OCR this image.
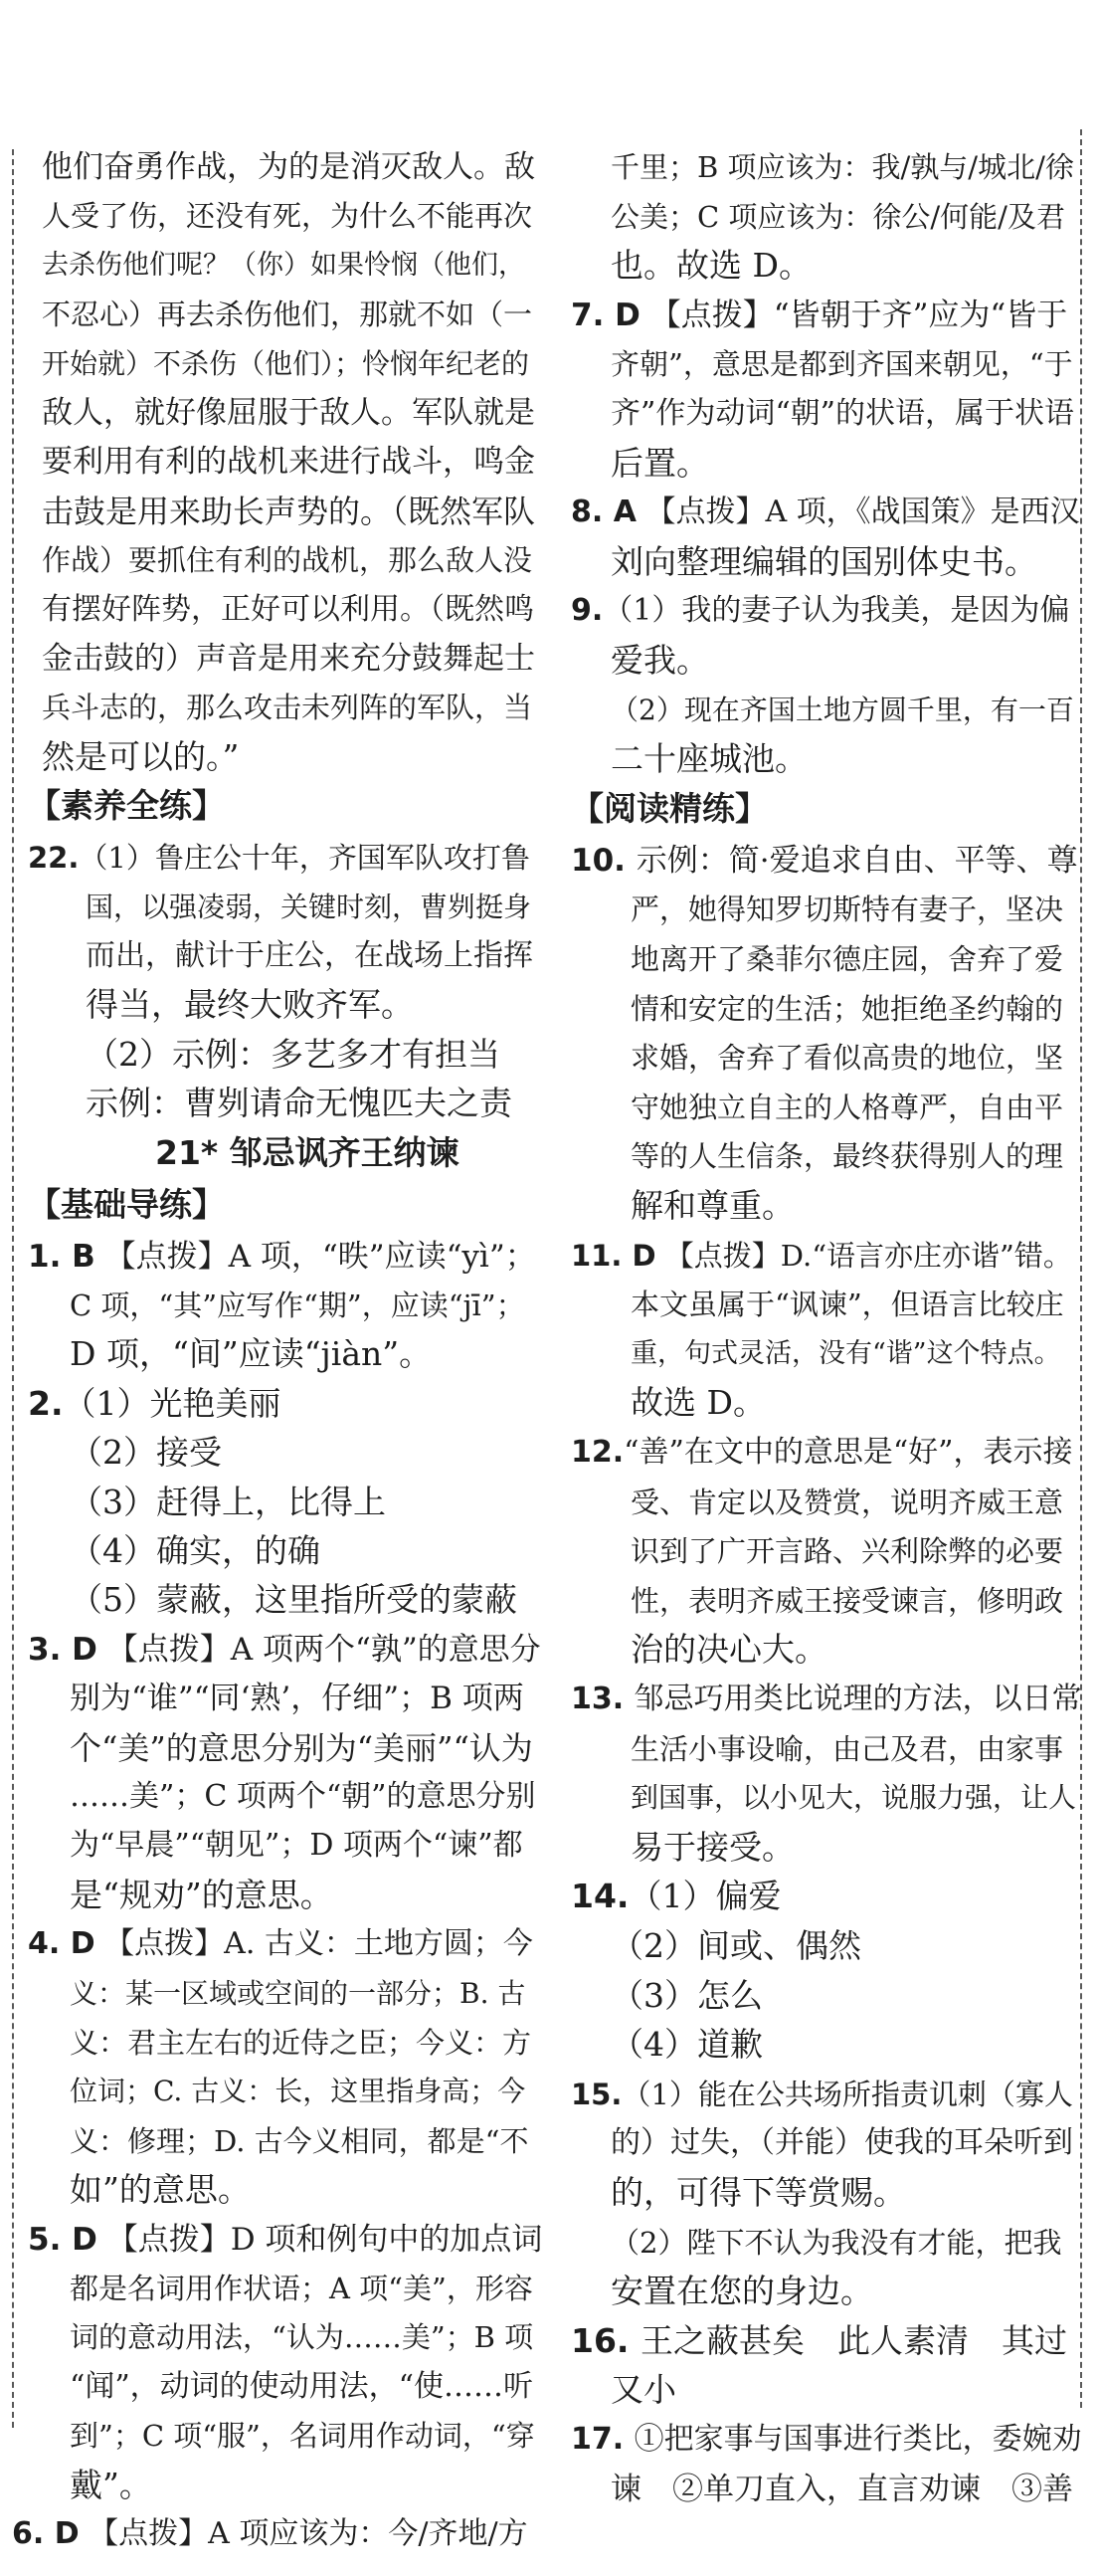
他们奋勇作战，为的是消灭敌人。敌
人受了伤，还没有死，为什么不能再次
去杀伤他们呢？（你）如果怜悯（他们，
不忍心）再去杀伤他们，那就不如（一
开始就）不杀伤（他们）；怜悯年纪老的
敌人，就好像屈服于敌人。军队就是
要利用有利的战机来进行战斗，鸣金
击鼓是用来助长声势的。（既然军队
作战）要抓住有利的战机，那么敌人没
有摆好阵势，正好可以利用。（既然鸣
金击鼓的）声音是用来充分鼓舞起士
兵斗志的，那么攻击未列阵的军队，当
然是可以的。”
【素养全练】
22.（1）鲁庄公十年，齐国军队攻打鲁
国，以强凌弱，关键时刻，曹刿挺身
而出，献计于庄公，在战场上指挥
得当，最终大败齐军。
（2）示例：多艺多才有担当
示例：曹刿请命无愧匹夫之责
21* 邹忌讽齐王纳谏
【基础导练】
1. B 【点拨】A 项，“昳”应读“yì”；
C 项，“其”应写作“期”，应读“jī”；
D 项，“间”应读“jiàn”。
2.（1）光艳美丽
（2）接受
（3）赶得上，比得上
（4）确实，的确
（5）蒙蔽，这里指所受的蒙蔽
3. D 【点拨】A 项两个“孰”的意思分
别为“谁”“同‘熟’，仔细”；B 项两
个“美”的意思分别为“美丽”“认为
……美”；C 项两个“朝”的意思分别
为“早晨”“朝见”；D 项两个“谏”都
是“规劝”的意思。
4. D 【点拨】A. 古义：土地方圆；今
义：某一区域或空间的一部分；B. 古
义：君主左右的近侍之臣；今义：方
位词；C. 古义：长，这里指身高；今
义：修理；D. 古今义相同，都是“不
如”的意思。
5. D 【点拨】D 项和例句中的加点词
都是名词用作状语；A 项“美”，形容
词的意动用法，“认为……美”；B 项
“闻”，动词的使动用法，“使……听
到”；C 项“服”，名词用作动词，“穿
戴”。
6. D 【点拨】A 项应该为：今/齐地/方
千里；B 项应该为：我/孰与/城北/徐
公美；C 项应该为：徐公/何能/及君
也。故选 D。
7. D 【点拨】“皆朝于齐”应为“皆于
齐朝”，意思是都到齐国来朝见，“于
齐”作为动词“朝”的状语，属于状语
后置。
8. A 【点拨】A 项，《战国策》是西汉
刘向整理编辑的国别体史书。
9.（1）我的妻子认为我美，是因为偏
爱我。
（2）现在齐国土地方圆千里，有一百
二十座城池。
【阅读精练】
10. 示例：简·爱追求自由、平等、尊
严，她得知罗切斯特有妻子，坚决
地离开了桑菲尔德庄园，舍弃了爱
情和安定的生活；她拒绝圣约翰的
求婚，舍弃了看似高贵的地位，坚
守她独立自主的人格尊严，自由平
等的人生信条，最终获得别人的理
解和尊重。
11. D 【点拨】D.“语言亦庄亦谐”错。
本文虽属于“讽谏”，但语言比较庄
重，句式灵活，没有“谐”这个特点。
故选 D。
12.“善”在文中的意思是“好”，表示接
受、肯定以及赞赏，说明齐威王意
识到了广开言路、兴利除弊的必要
性，表明齐威王接受谏言，修明政
治的决心大。
13. 邹忌巧用类比说理的方法，以日常
生活小事设喻，由己及君，由家事
到国事，以小见大，说服力强，让人
易于接受。
14.（1）偏爱
（2）间或、偶然
（3）怎么
（4）道歉
15.（1）能在公共场所指责讥刺（寡人
的）过失，（并能）使我的耳朵听到
的，可得下等赏赐。
（2）陛下不认为我没有才能，把我
安置在您的身边。
16. 王之蔽甚矣　此人素清　其过
又小
17. ①把家事与国事进行类比，委婉劝
谏　②单刀直入，直言劝谏　③善
